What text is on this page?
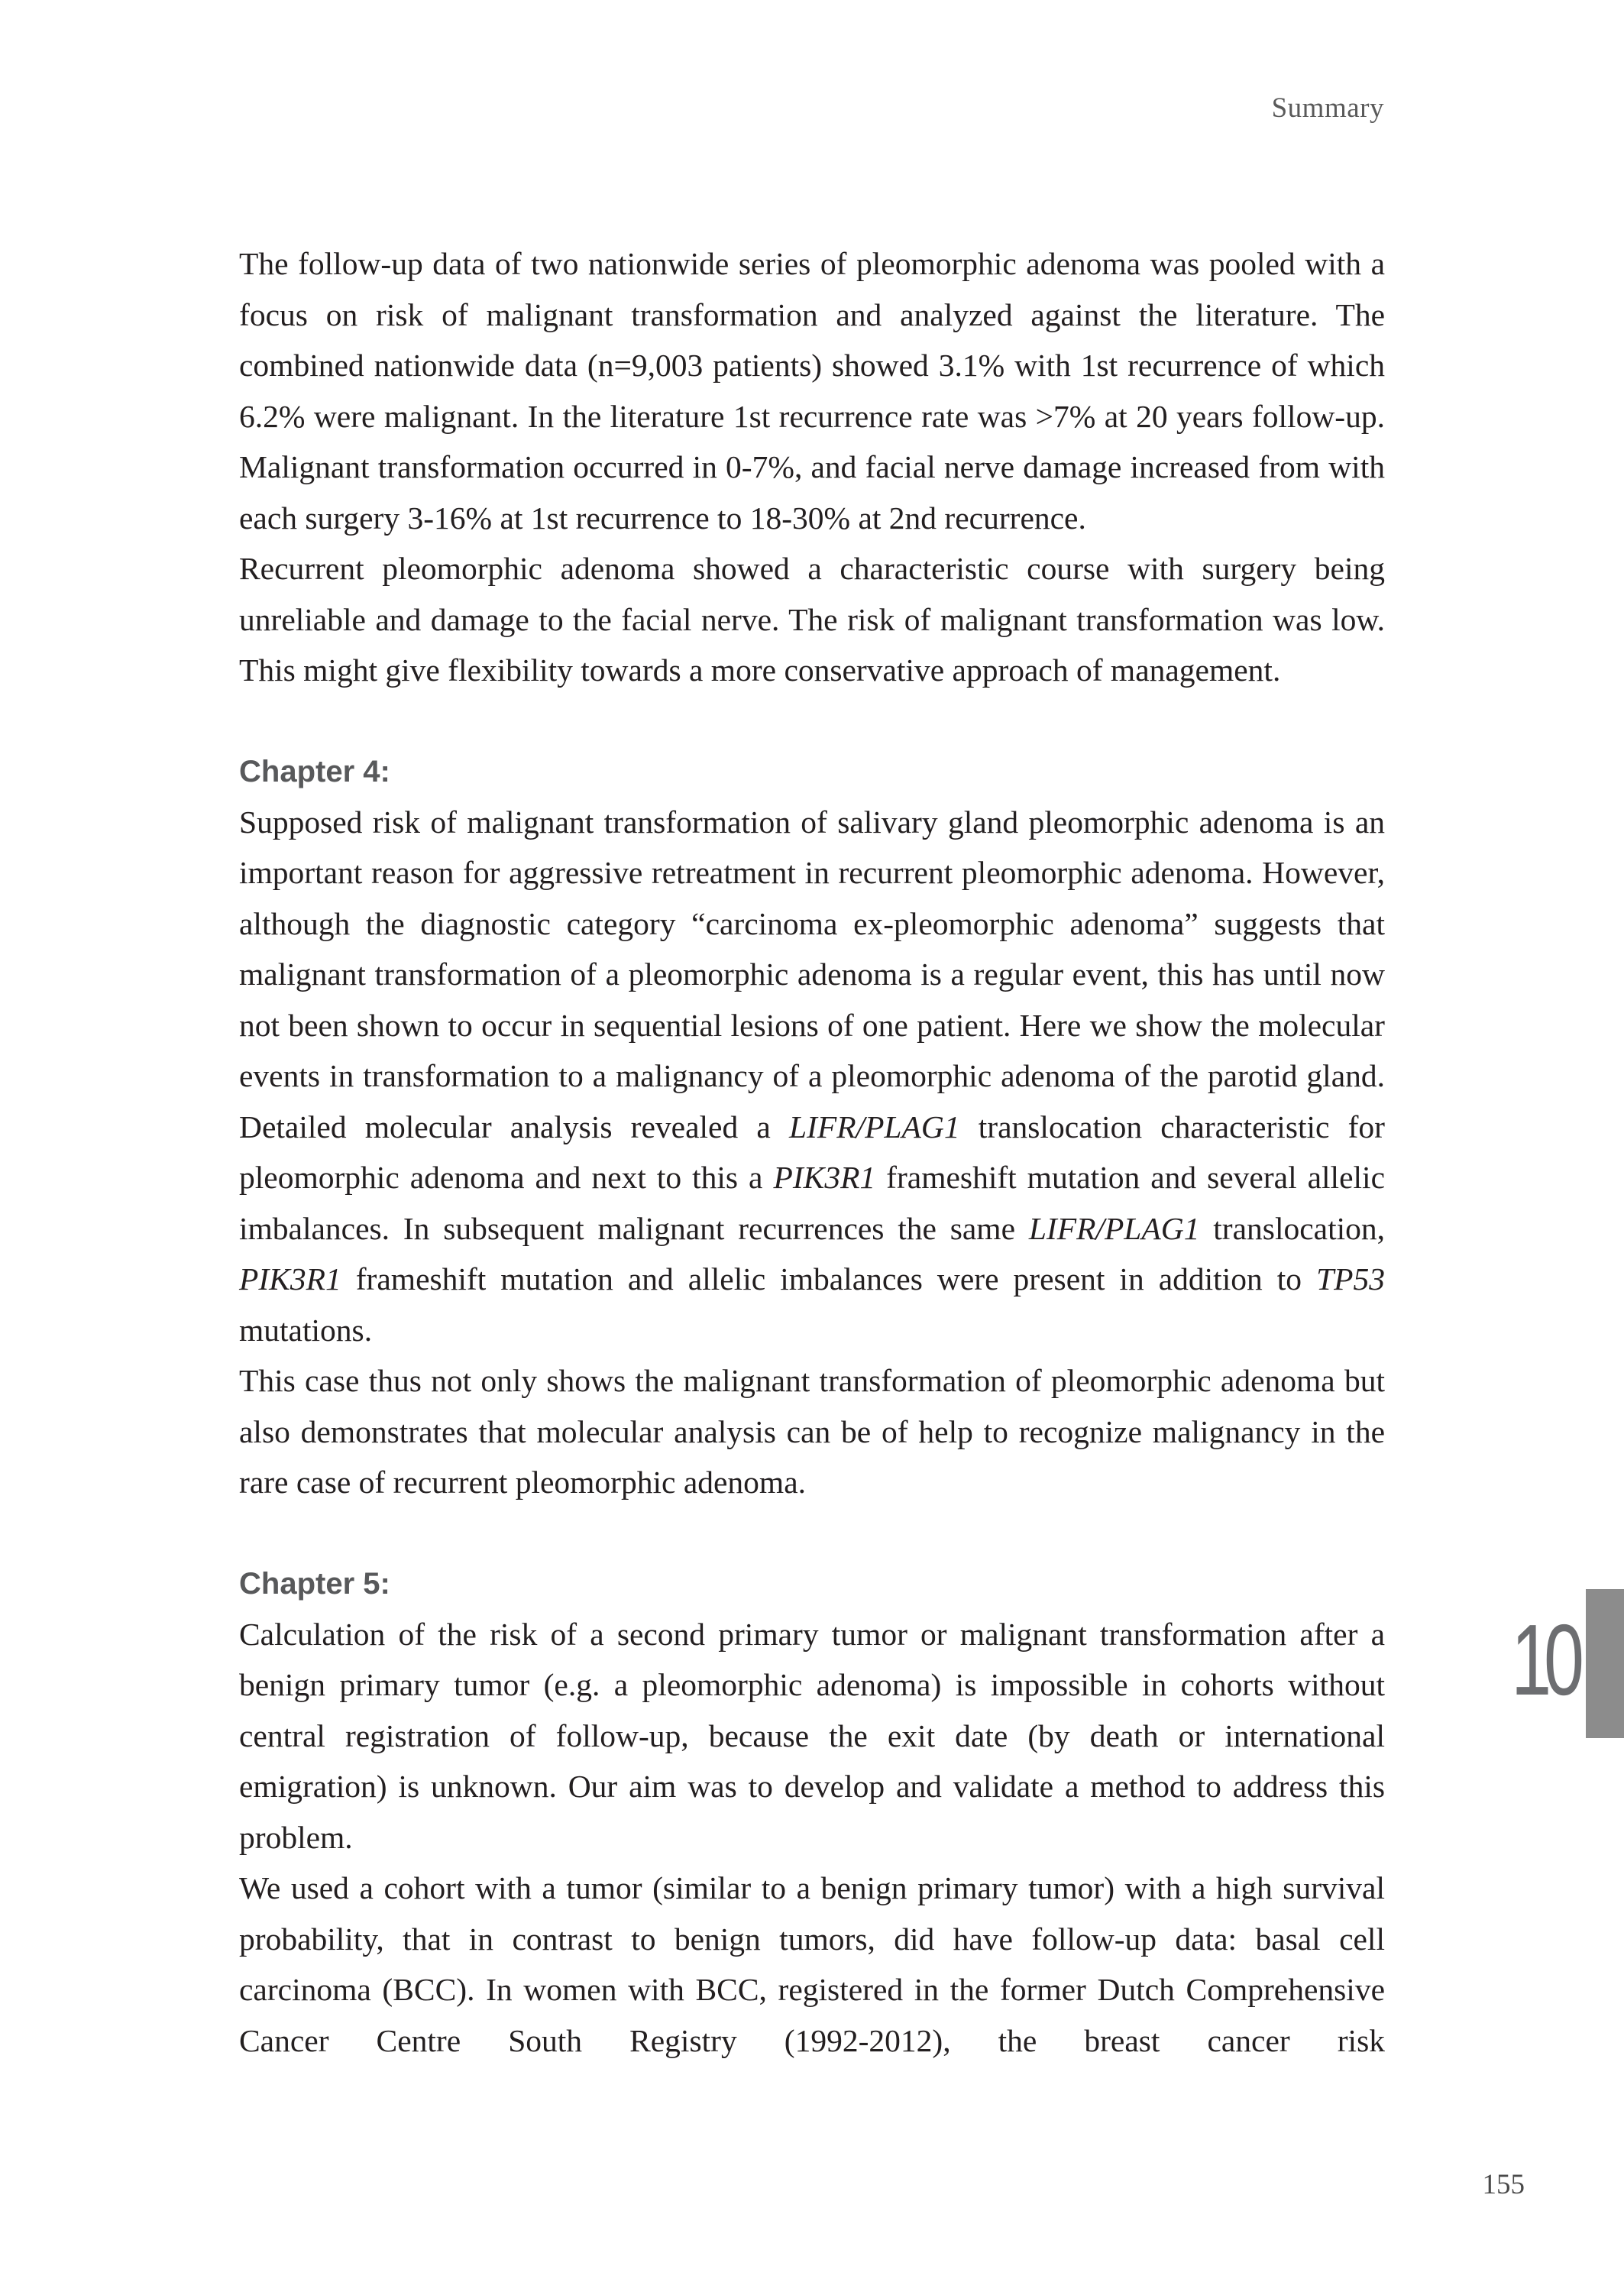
Summary

The follow-up data of two nationwide series of pleomorphic adenoma was pooled with a focus on risk of malignant transformation and analyzed against the literature. The combined nationwide data (n=9,003 patients) showed 3.1% with 1st recurrence of which 6.2% were malignant. In the literature 1st recurrence rate was >7% at 20 years follow-up. Malignant transformation occurred in 0-7%, and facial nerve damage increased from with each surgery 3-16% at 1st recurrence to 18-30% at 2nd recurrence.

Recurrent pleomorphic adenoma showed a characteristic course with surgery being unreliable and damage to the facial nerve. The risk of malignant transformation was low. This might give flexibility towards a more conservative approach of management.

Chapter 4:

Supposed risk of malignant transformation of salivary gland pleomorphic adenoma is an important reason for aggressive retreatment in recurrent pleomorphic adenoma. However, although the diagnostic category “carcinoma ex-pleomorphic adenoma” suggests that malignant transformation of a pleomorphic adenoma is a regular event, this has until now not been shown to occur in sequential lesions of one patient. Here we show the molecular events in transformation to a malignancy of a pleomorphic adenoma of the parotid gland. Detailed molecular analysis revealed a LIFR/PLAG1 translocation characteristic for pleomorphic adenoma and next to this a PIK3R1 frameshift mutation and several allelic imbalances. In subsequent malignant recurrences the same LIFR/PLAG1 translocation, PIK3R1 frameshift mutation and allelic imbalances were present in addition to TP53 mutations.

This case thus not only shows the malignant transformation of pleomorphic adenoma but also demonstrates that molecular analysis can be of help to recognize malignancy in the rare case of recurrent pleomorphic adenoma.

Chapter 5:

Calculation of the risk of a second primary tumor or malignant transformation after a benign primary tumor (e.g. a pleomorphic adenoma) is impossible in cohorts without central registration of follow-up, because the exit date (by death or international emigration) is unknown. Our aim was to develop and validate a method to address this problem.

We used a cohort with a tumor (similar to a benign primary tumor) with a high survival probability, that in contrast to benign tumors, did have follow-up data: basal cell carcinoma (BCC). In women with BCC, registered in the former Dutch Comprehensive Cancer Centre South Registry (1992-2012), the breast cancer risk

10
155
